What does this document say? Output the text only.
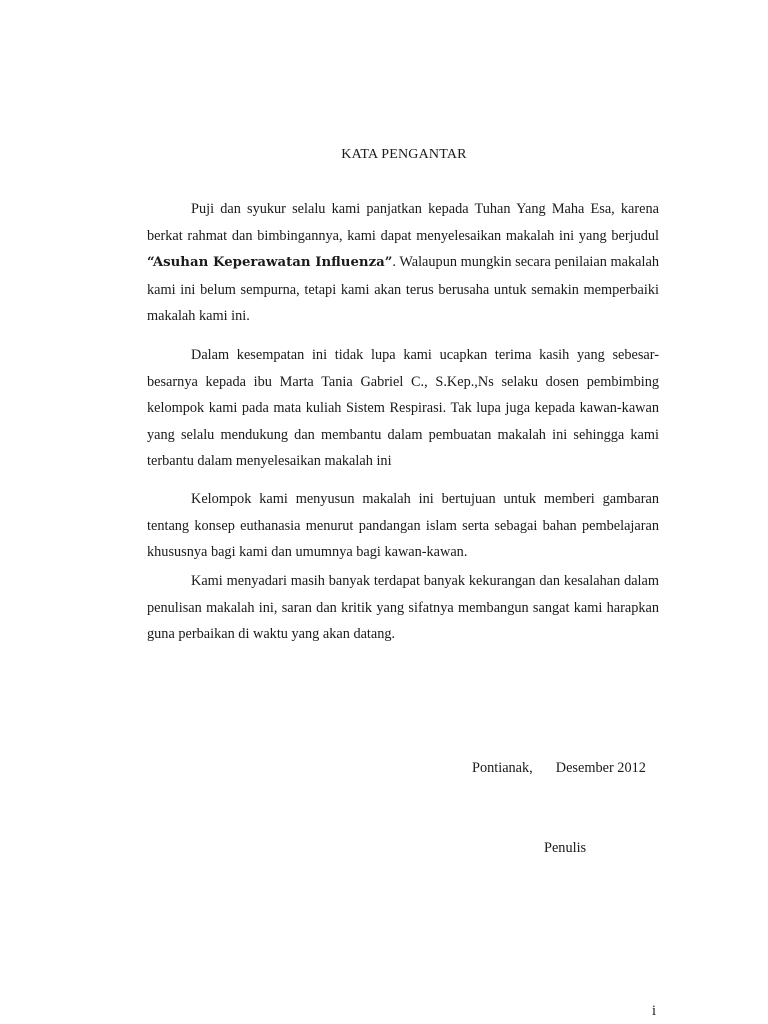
KATA PENGANTAR

Puji dan syukur selalu kami panjatkan kepada Tuhan Yang Maha Esa, karena berkat rahmat dan bimbingannya, kami dapat menyelesaikan makalah ini yang berjudul “Asuhan Keperawatan Influenza”. Walaupun mungkin secara penilaian makalah kami ini belum sempurna, tetapi kami akan terus berusaha untuk semakin memperbaiki makalah kami ini.

Dalam kesempatan ini tidak lupa kami ucapkan terima kasih yang sebesar-besarnya kepada ibu Marta Tania Gabriel C., S.Kep.,Ns selaku dosen pembimbing kelompok kami pada mata kuliah Sistem Respirasi. Tak lupa juga kepada kawan-kawan yang selalu mendukung dan membantu dalam pembuatan makalah ini sehingga kami terbantu dalam menyelesaikan makalah ini

Kelompok kami menyusun makalah ini bertujuan untuk memberi gambaran tentang konsep euthanasia menurut pandangan islam serta sebagai bahan pembelajaran khususnya bagi kami dan umumnya bagi kawan-kawan.

Kami menyadari masih banyak terdapat banyak kekurangan dan kesalahan dalam penulisan makalah ini, saran dan kritik yang sifatnya membangun sangat kami harapkan guna perbaikan di waktu yang akan datang.

Pontianak, Desember 2012
Penulis
i
